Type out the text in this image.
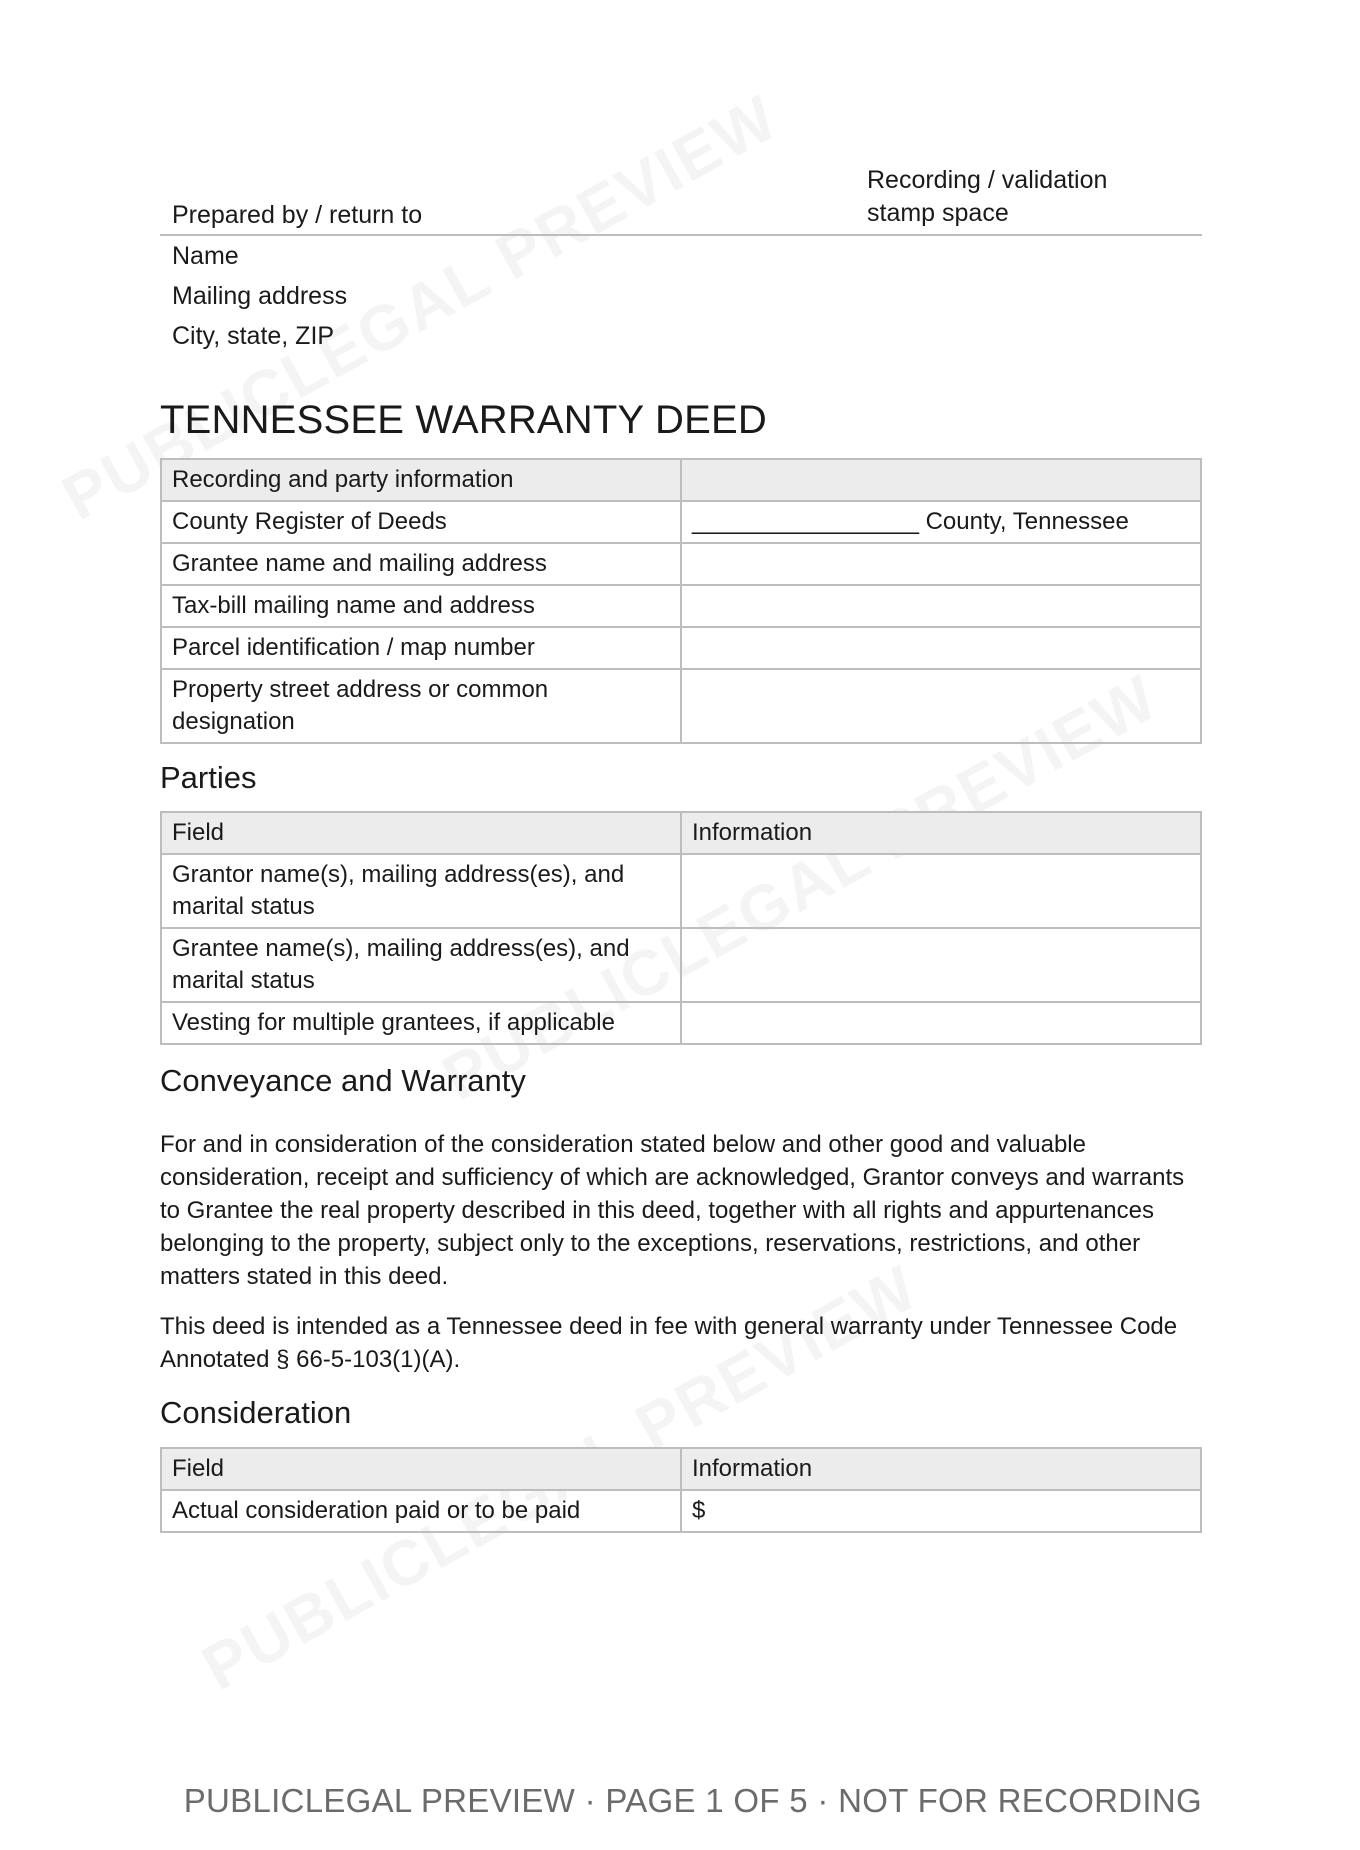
Prepared by / return to
Recording / validation stamp space
Name
Mailing address
City, state, ZIP
TENNESSEE WARRANTY DEED
Recording and party information	
County Register of Deeds	_________________ County, Tennessee
Grantee name and mailing address	
Tax-bill mailing name and address	
Parcel identification / map number	
Property street address or common designation	
Parties
Field	Information
Grantor name(s), mailing address(es), and marital status	
Grantee name(s), mailing address(es), and marital status	
Vesting for multiple grantees, if applicable	
Conveyance and Warranty

For and in consideration of the consideration stated below and other good and valuable consideration, receipt and sufficiency of which are acknowledged, Grantor conveys and warrants to Grantee the real property described in this deed, together with all rights and appurtenances belonging to the property, subject only to the exceptions, reservations, restrictions, and other matters stated in this deed.

This deed is intended as a Tennessee deed in fee with general warranty under Tennessee Code Annotated § 66-5-103(1)(A).

Consideration
Field	Information
Actual consideration paid or to be paid	$
PUBLICLEGAL PREVIEW · PAGE 1 OF 5 · NOT FOR RECORDING
